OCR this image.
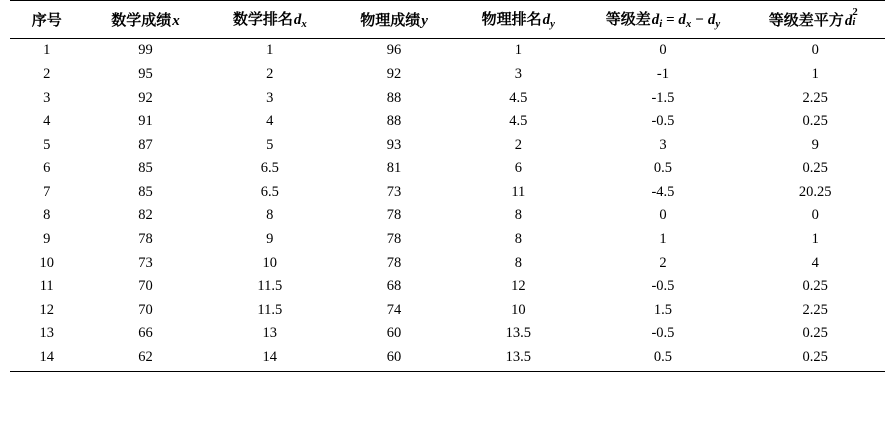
序号	数学成绩x	数学排名$d_x$	物理成绩y	物理排名$d_y$	等级差$d_i = d_x - d_y$	等级差平方d i
2

1	99	1	96	1	0	0
2	95	2	92	3	-1	1
3	92	3	88	4.5	-1.5	2.25
4	91	4	88	4.5	-0.5	0.25
5	87	5	93	2	3	9
6	85	6.5	81	6	0.5	0.25
7	85	6.5	73	11	-4.5	20.25
8	82	8	78	8	0	0
9	78	9	78	8	1	1
10	73	10	78	8	2	4
11	70	11.5	68	12	-0.5	0.25
12	70	11.5	74	10	1.5	2.25
13	66	13	60	13.5	-0.5	0.25
14	62	14	60	13.5	0.5	0.25
